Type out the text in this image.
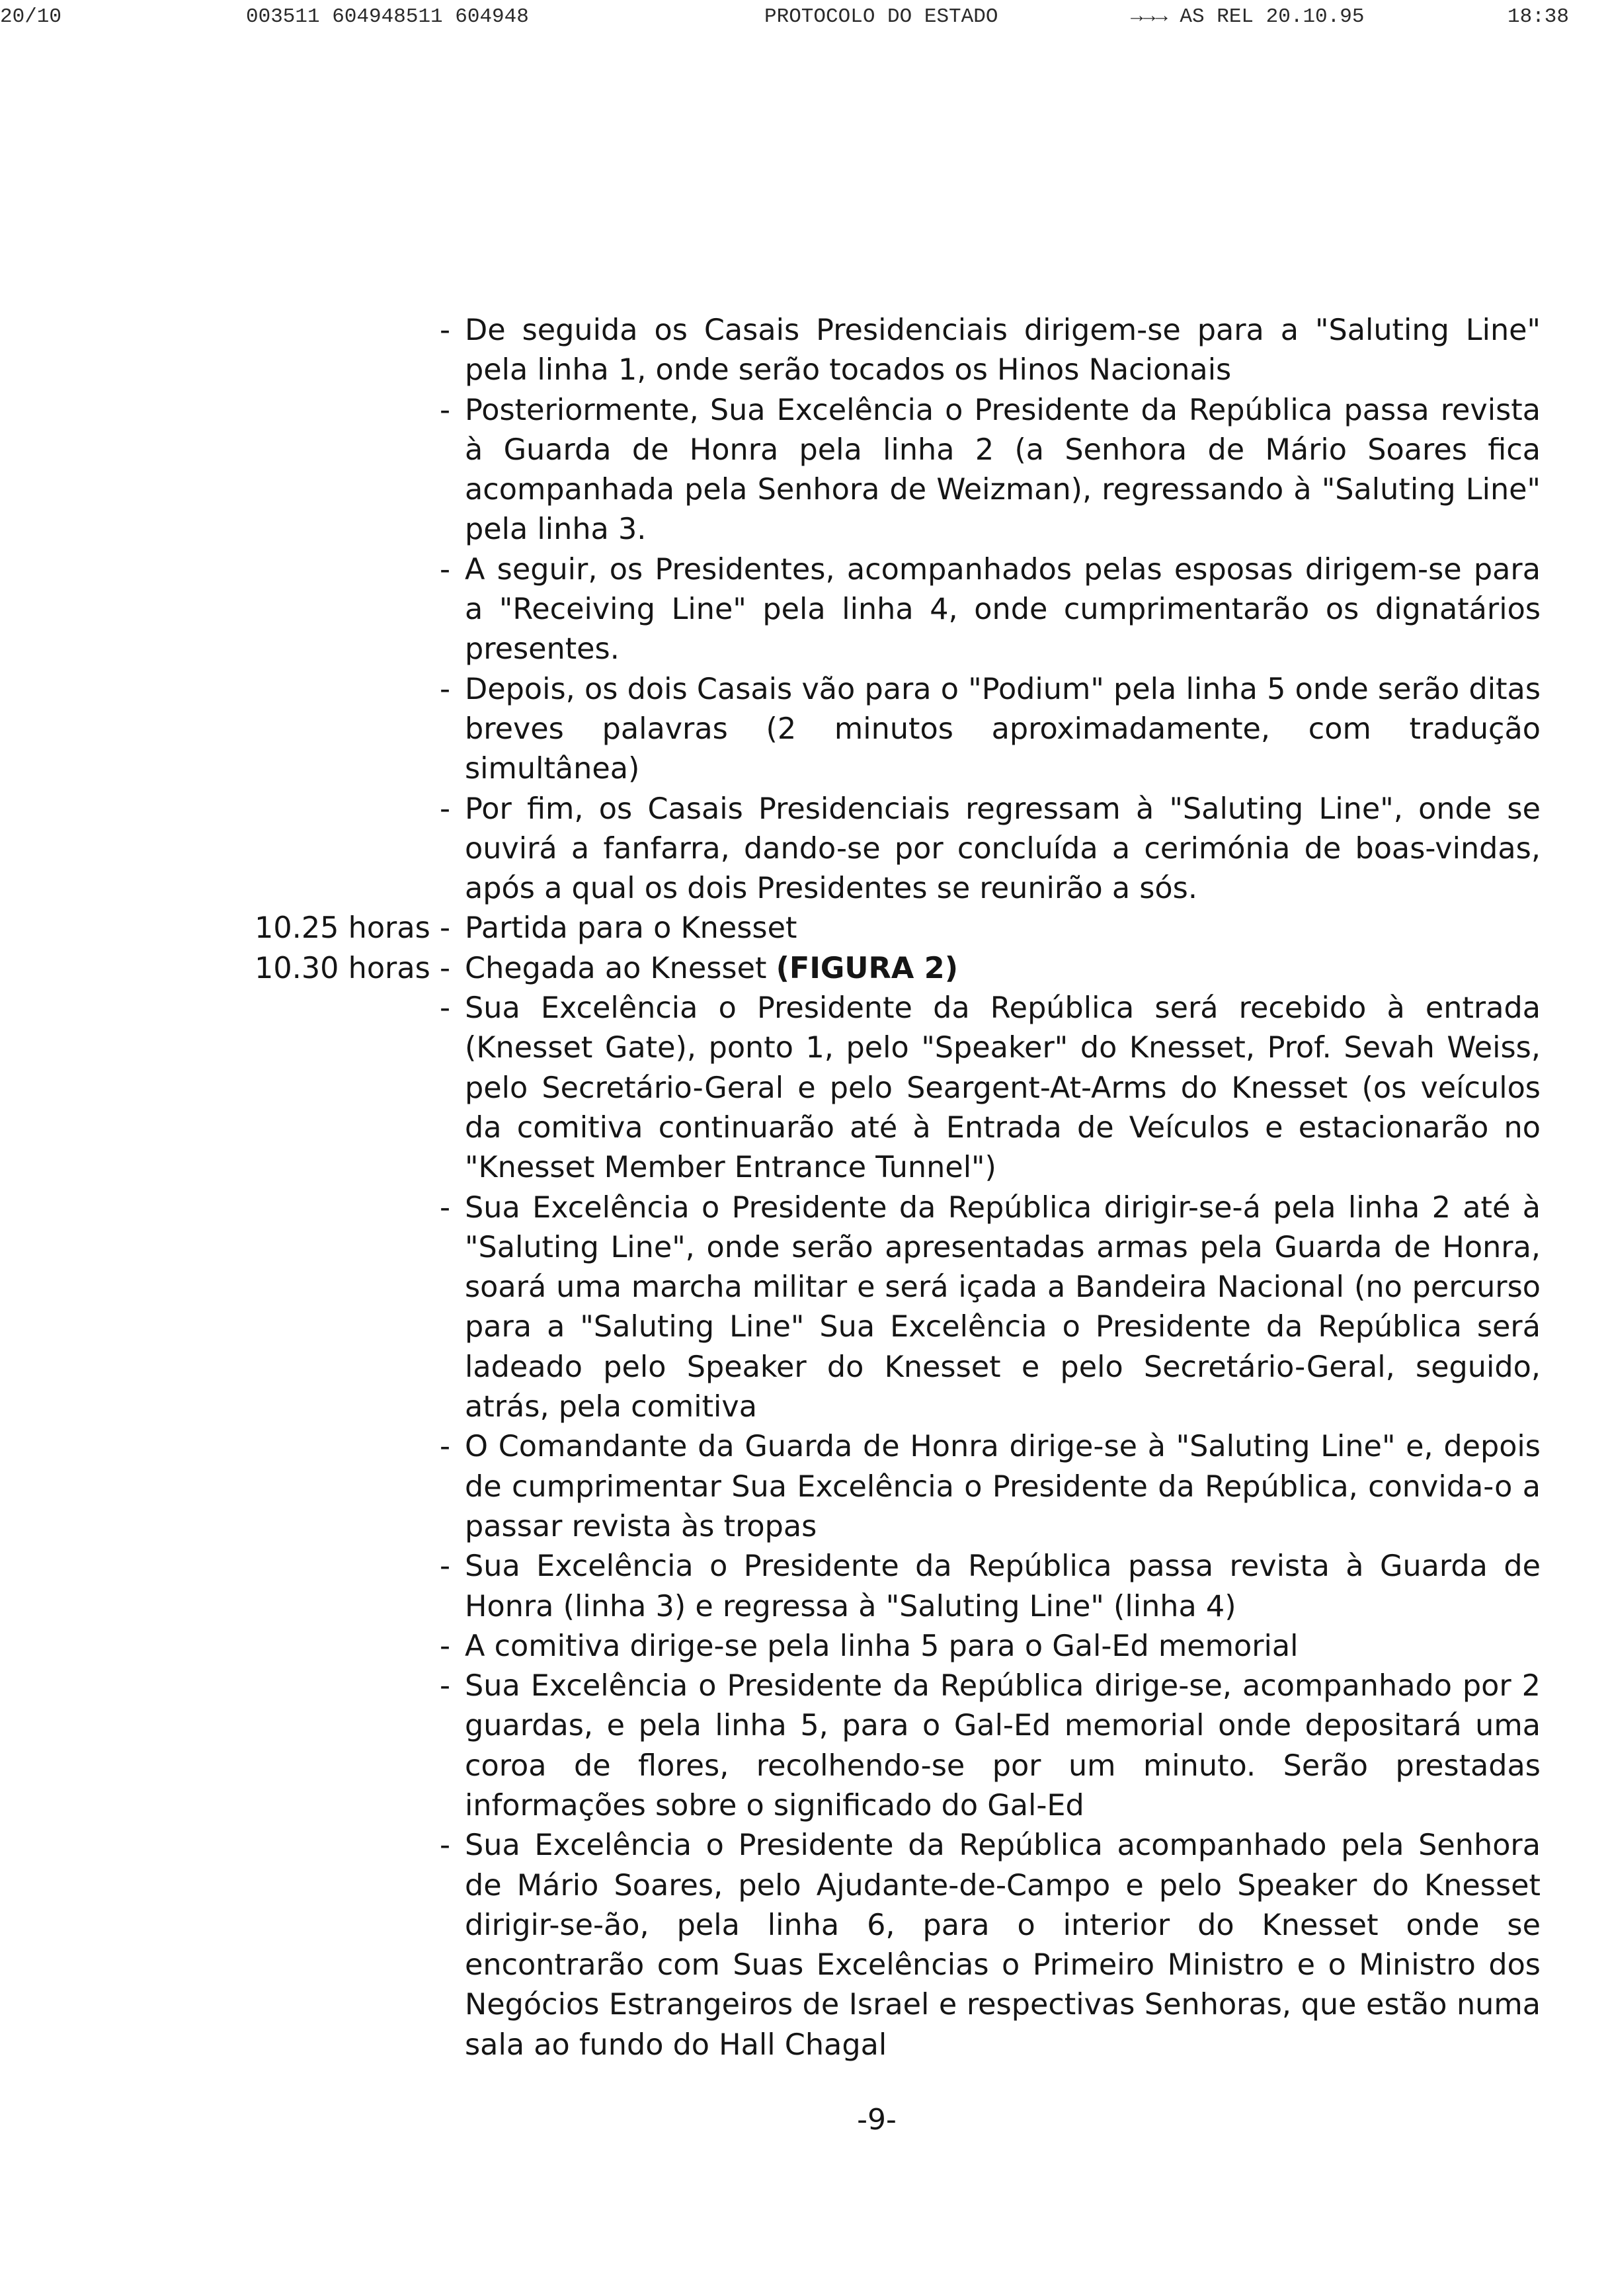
20/10	003511 604948511 604948	PROTOCOLO DO ESTADO	→→→ AS REL 20.10.95	18:38
- De seguida os Casais Presidenciais dirigem-se para a "Saluting Line" pela linha 1, onde serão tocados os Hinos Nacionais
- Posteriormente, Sua Excelência o Presidente da República passa revista à Guarda de Honra pela linha 2 (a Senhora de Mário Soares fica acompanhada pela Senhora de Weizman), regressando à "Saluting Line" pela linha 3.
- A seguir, os Presidentes, acompanhados pelas esposas dirigem-se para a "Receiving Line" pela linha 4, onde cumprimentarão os dignatários presentes.
- Depois, os dois Casais vão para o "Podium" pela linha 5 onde serão ditas breves palavras (2 minutos aproximadamente, com tradução simultânea)
- Por fim, os Casais Presidenciais regressam à "Saluting Line", onde se ouvirá a fanfarra, dando-se por concluída a cerimónia de boas-vindas, após a qual os dois Presidentes se reunirão a sós.
10.25 horas - Partida para o Knesset
10.30 horas - Chegada ao Knesset (FIGURA 2)
- Sua Excelência o Presidente da República será recebido à entrada (Knesset Gate), ponto 1, pelo "Speaker" do Knesset, Prof. Sevah Weiss, pelo Secretário-Geral e pelo Seargent-At-Arms do Knesset (os veículos da comitiva continuarão até à Entrada de Veículos e estacionarão no "Knesset Member Entrance Tunnel")
- Sua Excelência o Presidente da República dirigir-se-á pela linha 2 até à "Saluting Line", onde serão apresentadas armas pela Guarda de Honra, soará uma marcha militar e será içada a Bandeira Nacional (no percurso para a "Saluting Line" Sua Excelência o Presidente da República será ladeado pelo Speaker do Knesset e pelo Secretário-Geral, seguido, atrás, pela comitiva
- O Comandante da Guarda de Honra dirige-se à "Saluting Line" e, depois de cumprimentar Sua Excelência o Presidente da República, convida-o a passar revista às tropas
- Sua Excelência o Presidente da República passa revista à Guarda de Honra (linha 3) e regressa à "Saluting Line" (linha 4)
- A comitiva dirige-se pela linha 5 para o Gal-Ed memorial
- Sua Excelência o Presidente da República dirige-se, acompanhado por 2 guardas, e pela linha 5, para o Gal-Ed memorial onde depositará uma coroa de flores, recolhendo-se por um minuto. Serão prestadas informações sobre o significado do Gal-Ed
- Sua Excelência o Presidente da República acompanhado pela Senhora de Mário Soares, pelo Ajudante-de-Campo e pelo Speaker do Knesset dirigir-se-ão, pela linha 6, para o interior do Knesset onde se encontrarão com Suas Excelências o Primeiro Ministro e o Ministro dos Negócios Estrangeiros de Israel e respectivas Senhoras, que estão numa sala ao fundo do Hall Chagal
-9-
